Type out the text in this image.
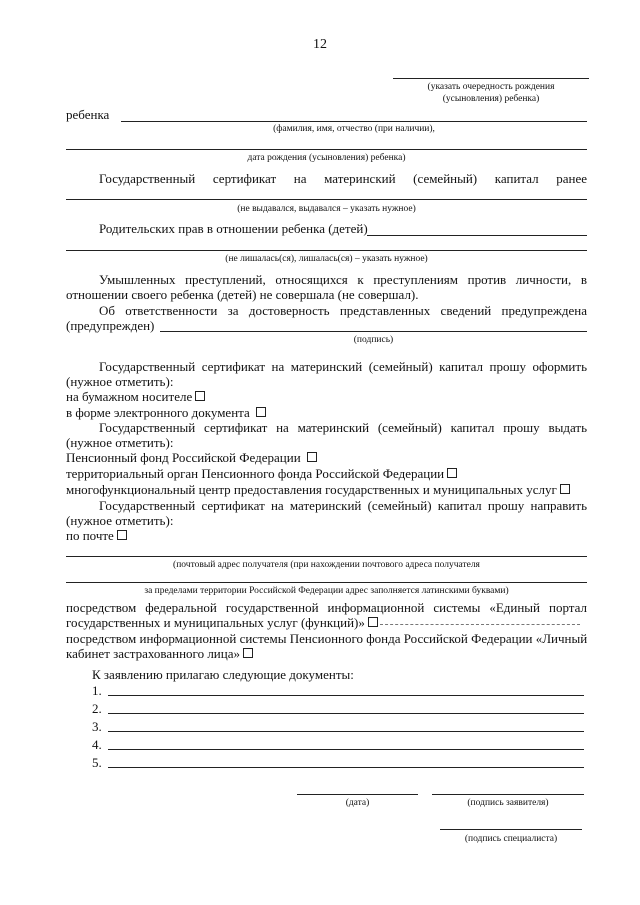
12
(указать очередность рождения
(усыновления) ребенка)
ребенка
(фамилия, имя, отчество (при наличии),
дата рождения (усыновления) ребенка)
Государственный сертификат на материнский (семейный) капитал ранее
(не выдавался, выдавался – указать нужное)
Родительских прав в отношении ребенка (детей)
(не лишалась(ся), лишалась(ся) – указать нужное)
Умышленных преступлений, относящихся к преступлениям против личности, в
отношении своего ребенка (детей) не совершала (не совершал).
Об ответственности за достоверность представленных сведений предупреждена
(предупрежден)
(подпись)
Государственный сертификат на материнский (семейный) капитал прошу оформить
(нужное отметить):
на бумажном носителе
в форме электронного документа
Государственный сертификат на материнский (семейный) капитал прошу выдать
(нужное отметить):
Пенсионный фонд Российской Федерации
территориальный орган Пенсионного фонда Российской Федерации
многофункциональный центр предоставления государственных и муниципальных услуг
Государственный сертификат на материнский (семейный) капитал прошу направить
(нужное отметить):
по почте
(почтовый адрес получателя (при нахождении почтового адреса получателя
за пределами территории Российской Федерации адрес заполняется латинскими буквами)
посредством федеральной государственной информационной системы «Единый портал
государственных и муниципальных услуг (функций)»
посредством информационной системы Пенсионного фонда Российской Федерации «Личный
кабинет застрахованного лица»
К заявлению прилагаю следующие документы:
1.
2.
3.
4.
5.
(дата)	(подпись заявителя)
(подпись специалиста)
